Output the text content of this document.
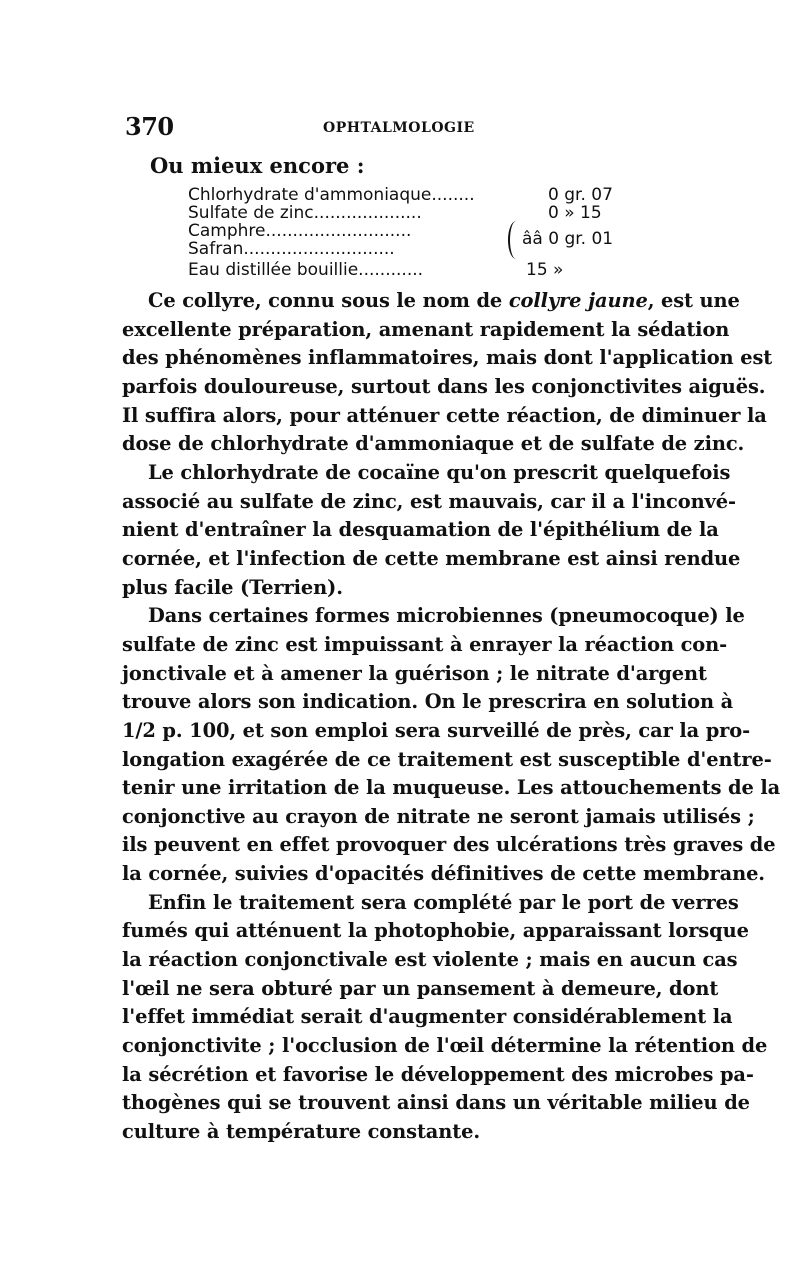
370	OPHTALMOLOGIE
Ou mieux encore :
Chlorhydrate d'ammoniaque........	0 gr. 07
Sulfate de zinc....................	0 » 15
Camphre...........................
Safran............................	ââ 0 gr. 01
Eau distillée bouillie............	15 »
Ce collyre, connu sous le nom de collyre jaune, est une
excellente préparation, amenant rapidement la sédation
des phénomènes inflammatoires, mais dont l'application est
parfois douloureuse, surtout dans les conjonctivites aiguës.
Il suffira alors, pour atténuer cette réaction, de diminuer la
dose de chlorhydrate d'ammoniaque et de sulfate de zinc.
Le chlorhydrate de cocaïne qu'on prescrit quelquefois
associé au sulfate de zinc, est mauvais, car il a l'inconvé-
nient d'entraîner la desquamation de l'épithélium de la
cornée, et l'infection de cette membrane est ainsi rendue
plus facile (Terrien).
Dans certaines formes microbiennes (pneumocoque) le
sulfate de zinc est impuissant à enrayer la réaction con-
jonctivale et à amener la guérison ; le nitrate d'argent
trouve alors son indication. On le prescrira en solution à
1/2 p. 100, et son emploi sera surveillé de près, car la pro-
longation exagérée de ce traitement est susceptible d'entre-
tenir une irritation de la muqueuse. Les attouchements de la
conjonctive au crayon de nitrate ne seront jamais utilisés ;
ils peuvent en effet provoquer des ulcérations très graves de
la cornée, suivies d'opacités définitives de cette membrane.
Enfin le traitement sera complété par le port de verres
fumés qui atténuent la photophobie, apparaissant lorsque
la réaction conjonctivale est violente ; mais en aucun cas
l'œil ne sera obturé par un pansement à demeure, dont
l'effet immédiat serait d'augmenter considérablement la
conjonctivite ; l'occlusion de l'œil détermine la rétention de
la sécrétion et favorise le développement des microbes pa-
thogènes qui se trouvent ainsi dans un véritable milieu de
culture à température constante.
